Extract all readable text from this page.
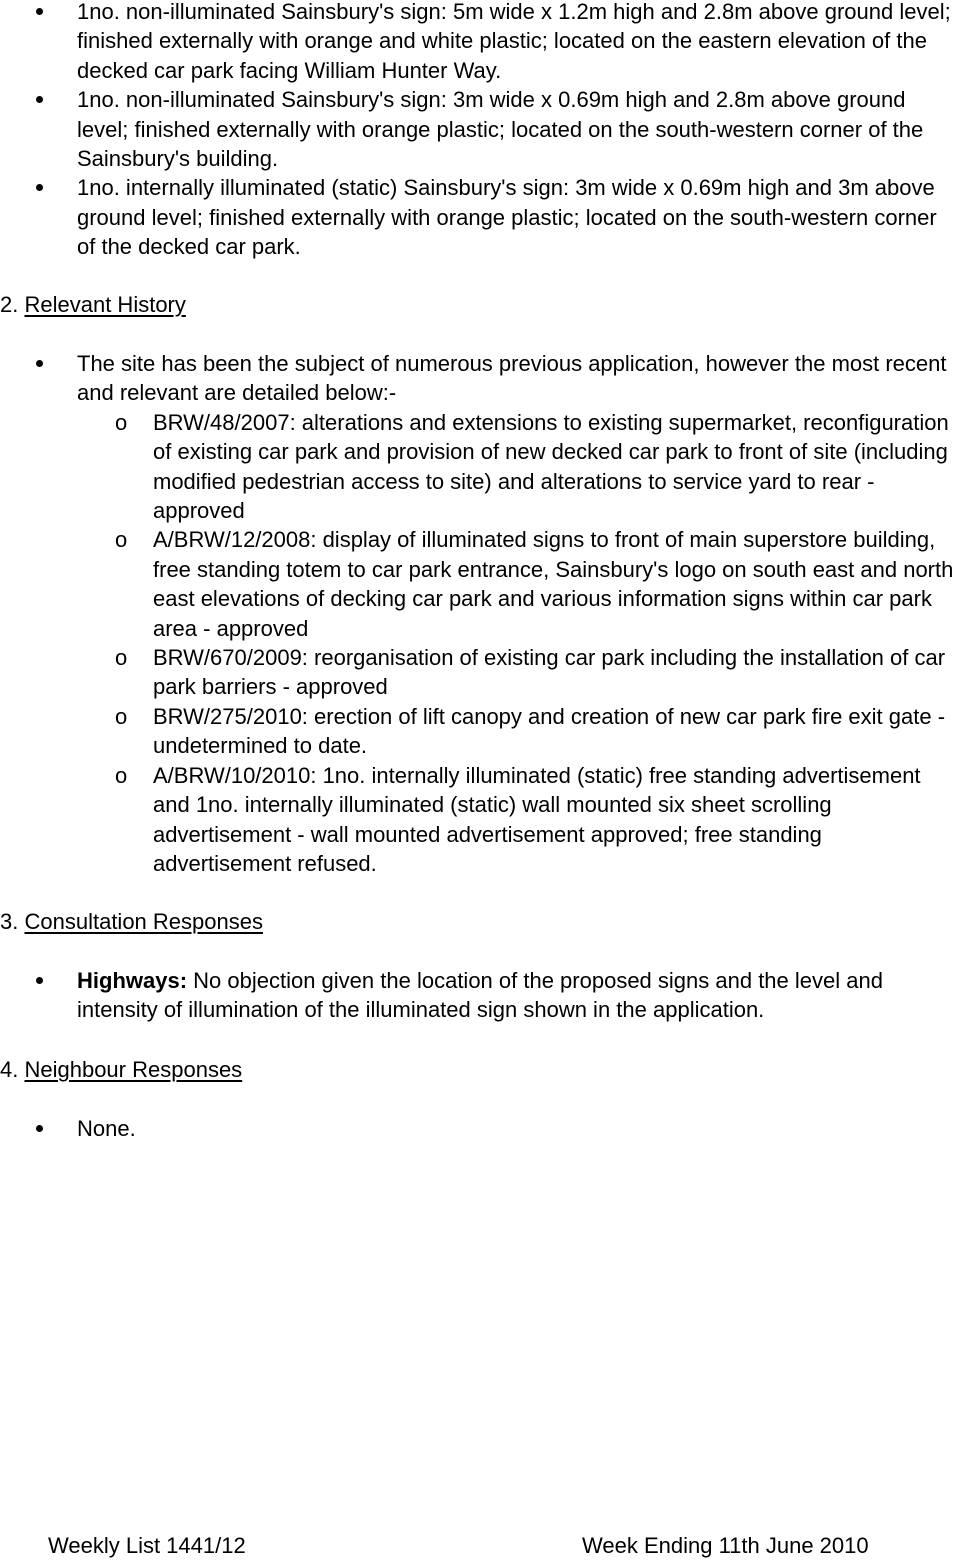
1no. non-illuminated Sainsbury's sign: 5m wide x 1.2m high and 2.8m above ground level; finished externally with orange and white plastic; located on the eastern elevation of the decked car park facing William Hunter Way.
1no. non-illuminated Sainsbury's sign: 3m wide x 0.69m high and 2.8m above ground level; finished externally with orange plastic; located on the south-western corner of the Sainsbury's building.
1no. internally illuminated (static) Sainsbury's sign: 3m wide x 0.69m high and 3m above ground level; finished externally with orange plastic; located on the south-western corner of the decked car park.
2. Relevant History
The site has been the subject of numerous previous application, however the most recent and relevant are detailed below:-
o BRW/48/2007: alterations and extensions to existing supermarket, reconfiguration of existing car park and provision of new decked car park to front of site (including modified pedestrian access to site) and alterations to service yard to rear - approved
o A/BRW/12/2008: display of illuminated signs to front of main superstore building, free standing totem to car park entrance, Sainsbury's logo on south east and north east elevations of decking car park and various information signs within car park area - approved
o BRW/670/2009: reorganisation of existing car park including the installation of car park barriers - approved
o BRW/275/2010: erection of lift canopy and creation of new car park fire exit gate - undetermined to date.
o A/BRW/10/2010: 1no. internally illuminated (static) free standing advertisement and 1no. internally illuminated (static) wall mounted six sheet scrolling advertisement - wall mounted advertisement approved; free standing advertisement refused.
3. Consultation Responses
Highways: No objection given the location of the proposed signs and the level and intensity of illumination of the illuminated sign shown in the application.
4. Neighbour Responses
None.
Weekly List 1441/12	Week Ending 11th June 2010
